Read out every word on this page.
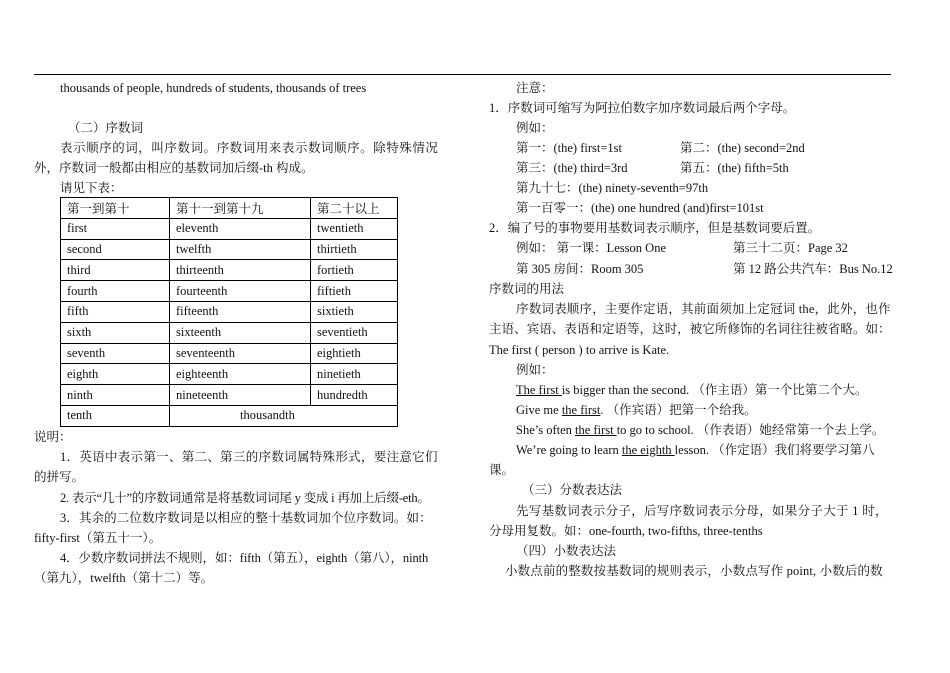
thousands of people, hundreds of students, thousands of trees
（二）序数词
表示顺序的词，叫序数词。序数词用来表示数词顺序。除特殊情况
外，序数词一般都由相应的基数词加后缀-th 构成。
请见下表：
第一到第十	第十一到第十九	第二十以上
first	eleventh	twentieth
second	twelfth	thirtieth
third	thirteenth	fortieth
fourth	fourteenth	fiftieth
fifth	fifteenth	sixtieth
sixth	sixteenth	seventieth
seventh	seventeenth	eightieth
eighth	eighteenth	ninetieth
ninth	nineteenth	hundredth
tenth	thousandth	
说明：
1．英语中表示第一、第二、第三的序数词属特殊形式，要注意它们
的拼写。
2. 表示“几十”的序数词通常是将基数词词尾 y 变成 i 再加上后缀-eth。
3．其余的二位数序数词是以相应的整十基数词加个位序数词。如：
fifty-first（第五十一）。
4．少数序数词拼法不规则，如：fifth（第五），eighth（第八），ninth
（第九），twelfth（第十二）等。
注意：
1．序数词可缩写为阿拉伯数字加序数词最后两个字母。
例如：
第一：(the) first=1st	第二：(the) second=2nd
第三：(the) third=3rd	第五：(the) fifth=5th
第九十七：(the) ninety-seventh=97th
第一百零一：(the) one hundred (and)first=101st
2．编了号的事物要用基数词表示顺序，但是基数词要后置。
例如： 第一课：Lesson One	第三十二页：Page 32
第 305 房间：Room 305	第 12 路公共汽车：Bus No.12
序数词的用法
序数词表顺序，主要作定语，其前面须加上定冠词 the，此外，也作
主语、宾语、表语和定语等，这时，被它所修饰的名词往往被省略。如：
The first ( person ) to arrive is Kate.
例如：
The first is bigger than the second. （作主语）第一个比第二个大。
Give me the first. （作宾语）把第一个给我。
She’s often the first to go to school. （作表语）她经常第一个去上学。
We’re going to learn the eighth lesson. （作定语）我们将要学习第八
课。
（三）分数表达法
先写基数词表示分子，后写序数词表示分母，如果分子大于 1 时，
分母用复数。如：one-fourth, two-fifths, three-tenths
（四）小数表达法
小数点前的整数按基数词的规则表示，小数点写作 point, 小数后的数
